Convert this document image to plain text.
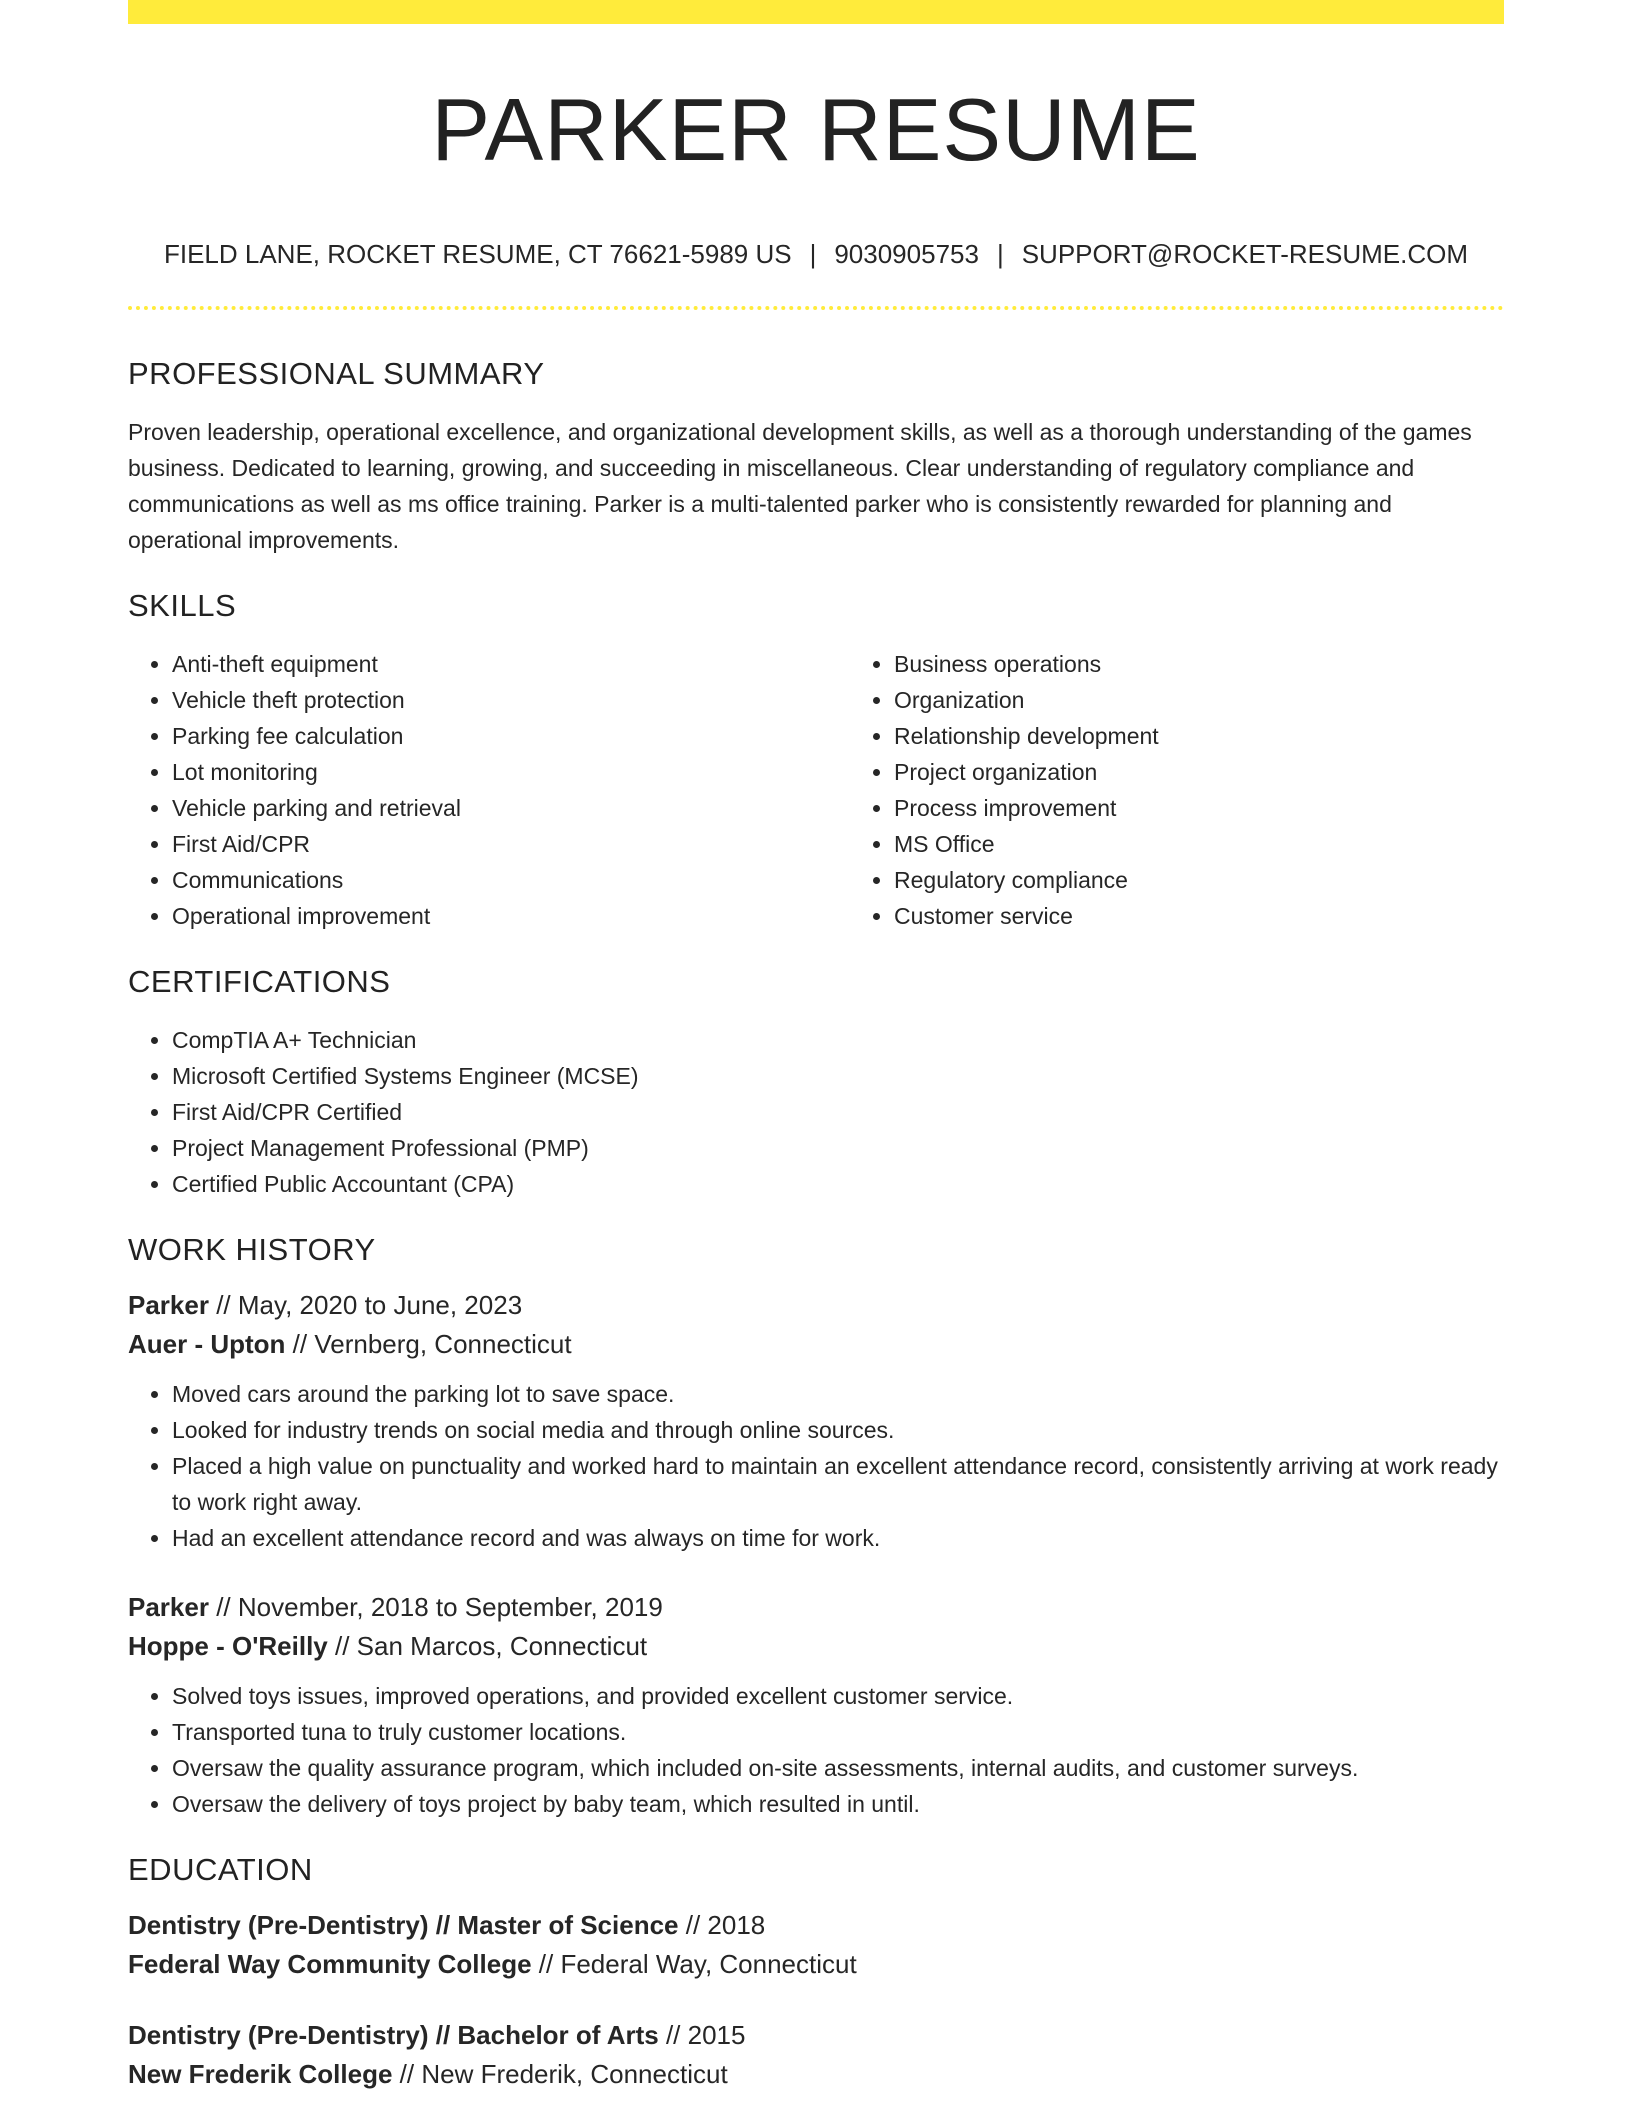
PARKER RESUME
FIELD LANE, ROCKET RESUME, CT 76621-5989 US | 9030905753 | SUPPORT@ROCKET-RESUME.COM
PROFESSIONAL SUMMARY

Proven leadership, operational excellence, and organizational development skills, as well as a thorough understanding of the games business. Dedicated to learning, growing, and succeeding in miscellaneous. Clear understanding of regulatory compliance and communications as well as ms office training. Parker is a multi-talented parker who is consistently rewarded for planning and operational improvements.

SKILLS
• Anti-theft equipment
• Vehicle theft protection
• Parking fee calculation
• Lot monitoring
• Vehicle parking and retrieval
• First Aid/CPR
• Communications
• Operational improvement
• Business operations
• Organization
• Relationship development
• Project organization
• Process improvement
• MS Office
• Regulatory compliance
• Customer service
CERTIFICATIONS
• CompTIA A+ Technician
• Microsoft Certified Systems Engineer (MCSE)
• First Aid/CPR Certified
• Project Management Professional (PMP)
• Certified Public Accountant (CPA)
WORK HISTORY
Parker // May, 2020 to June, 2023
Auer - Upton // Vernberg, Connecticut
• Moved cars around the parking lot to save space.
• Looked for industry trends on social media and through online sources.
• Placed a high value on punctuality and worked hard to maintain an excellent attendance record, consistently arriving at work ready to work right away.
• Had an excellent attendance record and was always on time for work.
Parker // November, 2018 to September, 2019
Hoppe - O'Reilly // San Marcos, Connecticut
• Solved toys issues, improved operations, and provided excellent customer service.
• Transported tuna to truly customer locations.
• Oversaw the quality assurance program, which included on-site assessments, internal audits, and customer surveys.
• Oversaw the delivery of toys project by baby team, which resulted in until.
EDUCATION
Dentistry (Pre-Dentistry) // Master of Science // 2018
Federal Way Community College // Federal Way, Connecticut
Dentistry (Pre-Dentistry) // Bachelor of Arts // 2015
New Frederik College // New Frederik, Connecticut
